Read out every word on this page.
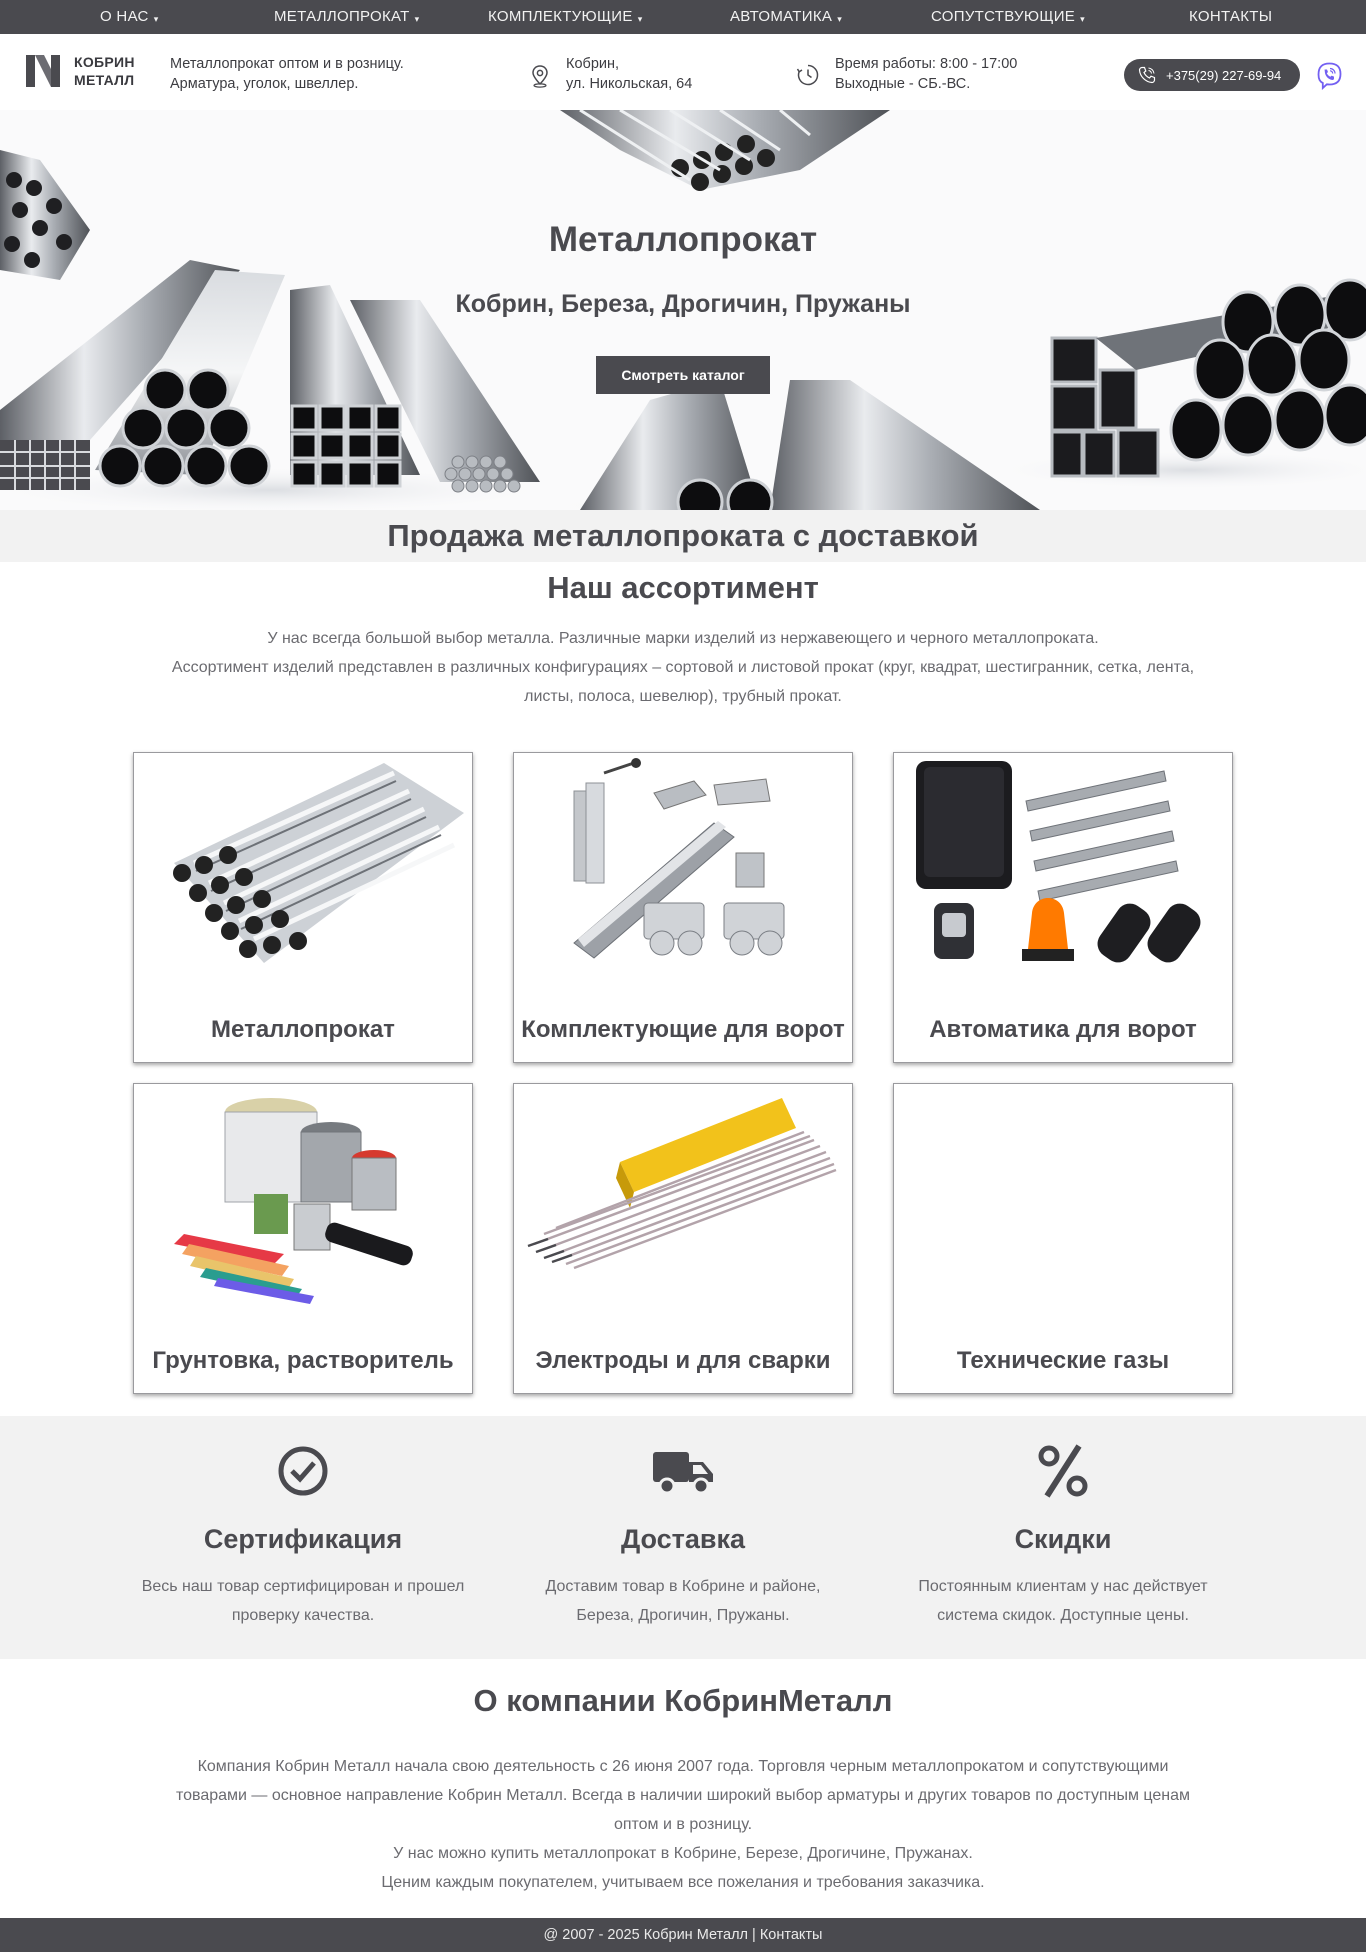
О НАС ▾	МЕТАЛЛОПРОКАТ ▾	КОМПЛЕКТУЮЩИЕ ▾	АВТОМАТИКА ▾	СОПУТСТВУЮЩИЕ ▾	КОНТАКТЫ
КОБРИН
МЕТАЛЛ
Металлопрокат оптом и в розницу.
Арматура, уголок, швеллер.
Кобрин,
ул. Никольская, 64
Время работы: 8:00 - 17:00
Выходные - СБ.-ВС.
+375(29) 227-69-94
Металлопрокат
Кобрин, Береза, Дрогичин, Пружаны
Смотреть каталог
Продажа металлопроката с доставкой
Наш ассортимент
У нас всегда большой выбор металла. Различные марки изделий из нержавеющего и черного металлопроката.
Ассортимент изделий представлен в различных конфигурациях – сортовой и листовой прокат (круг, квадрат, шестигранник, сетка, лента,
листы, полоса, шевелюр), трубный прокат.
Металлопрокат	Комплектующие для ворот	Автоматика для ворот
Грунтовка, растворитель	Электроды и для сварки	Технические газы
Сертификация
Весь наш товар сертифицирован и прошел
проверку качества.
Доставка
Доставим товар в Кобрине и районе,
Береза, Дрогичин, Пружаны.
Скидки
Постоянным клиентам у нас действует
система скидок. Доступные цены.
О компании КобринМеталл
Компания Кобрин Металл начала свою деятельность с 26 июня 2007 года. Торговля черным металлопрокатом и сопутствующими
товарами — основное направление Кобрин Металл. Всегда в наличии широкий выбор арматуры и других товаров по доступным ценам
оптом и в розницу.
У нас можно купить металлопрокат в Кобрине, Березе, Дрогичине, Пружанах.
Ценим каждым покупателем, учитываем все пожелания и требования заказчика.
@ 2007 - 2025 Кобрин Металл | Контакты
